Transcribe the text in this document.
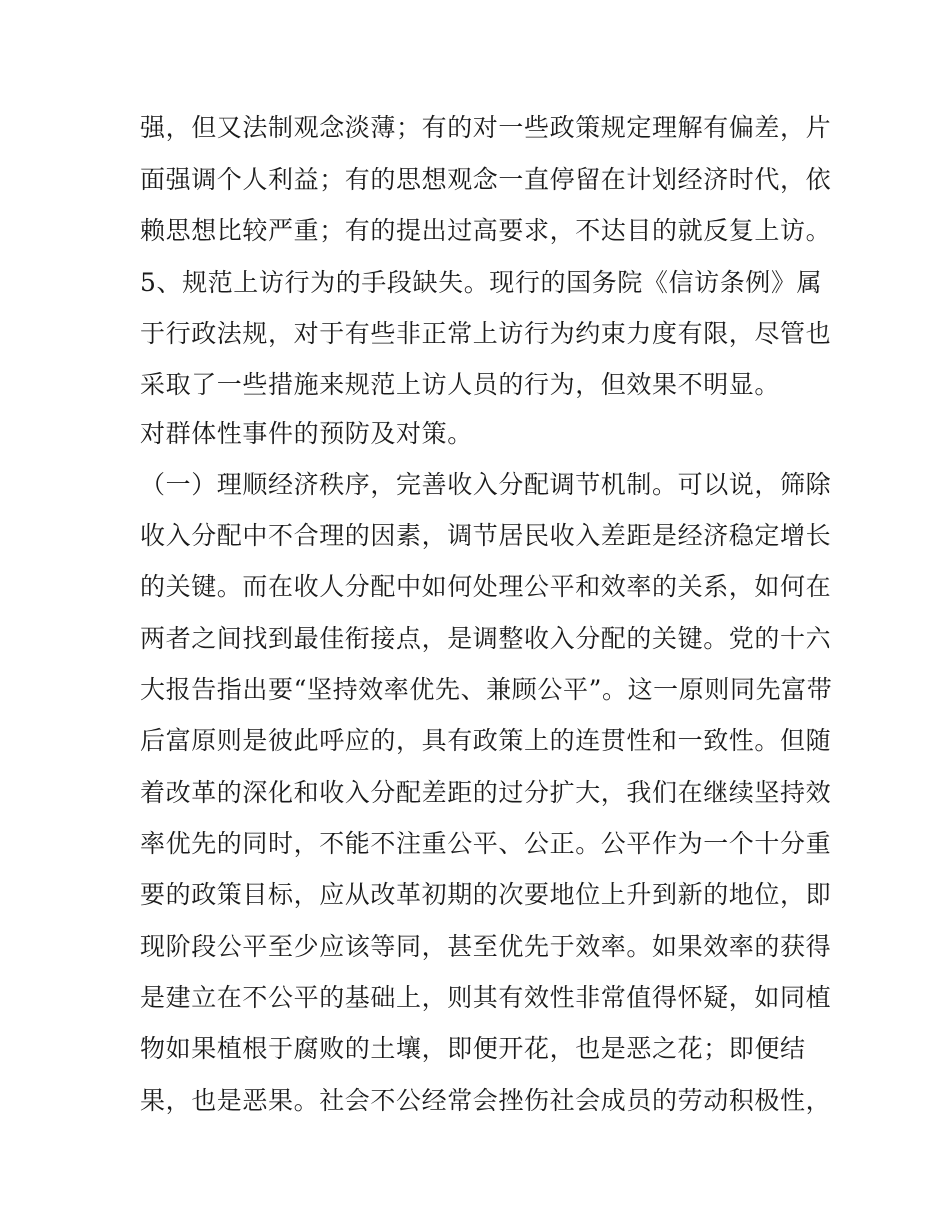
强，但又法制观念淡薄；有的对一些政策规定理解有偏差，片
面强调个人利益；有的思想观念一直停留在计划经济时代，依
赖思想比较严重；有的提出过高要求，不达目的就反复上访。
5、规范上访行为的手段缺失。现行的国务院《信访条例》属
于行政法规，对于有些非正常上访行为约束力度有限，尽管也
采取了一些措施来规范上访人员的行为，但效果不明显。
对群体性事件的预防及对策。
（一）理顺经济秩序，完善收入分配调节机制。可以说，筛除
收入分配中不合理的因素，调节居民收入差距是经济稳定增长
的关键。而在收人分配中如何处理公平和效率的关系，如何在
两者之间找到最佳衔接点，是调整收入分配的关键。党的十六
大报告指出要“坚持效率优先、兼顾公平”。这一原则同先富带
后富原则是彼此呼应的，具有政策上的连贯性和一致性。但随
着改革的深化和收入分配差距的过分扩大，我们在继续坚持效
率优先的同时，不能不注重公平、公正。公平作为一个十分重
要的政策目标，应从改革初期的次要地位上升到新的地位，即
现阶段公平至少应该等同，甚至优先于效率。如果效率的获得
是建立在不公平的基础上，则其有效性非常值得怀疑，如同植
物如果植根于腐败的土壤，即便开花，也是恶之花；即便结
果，也是恶果。社会不公经常会挫伤社会成员的劳动积极性，
